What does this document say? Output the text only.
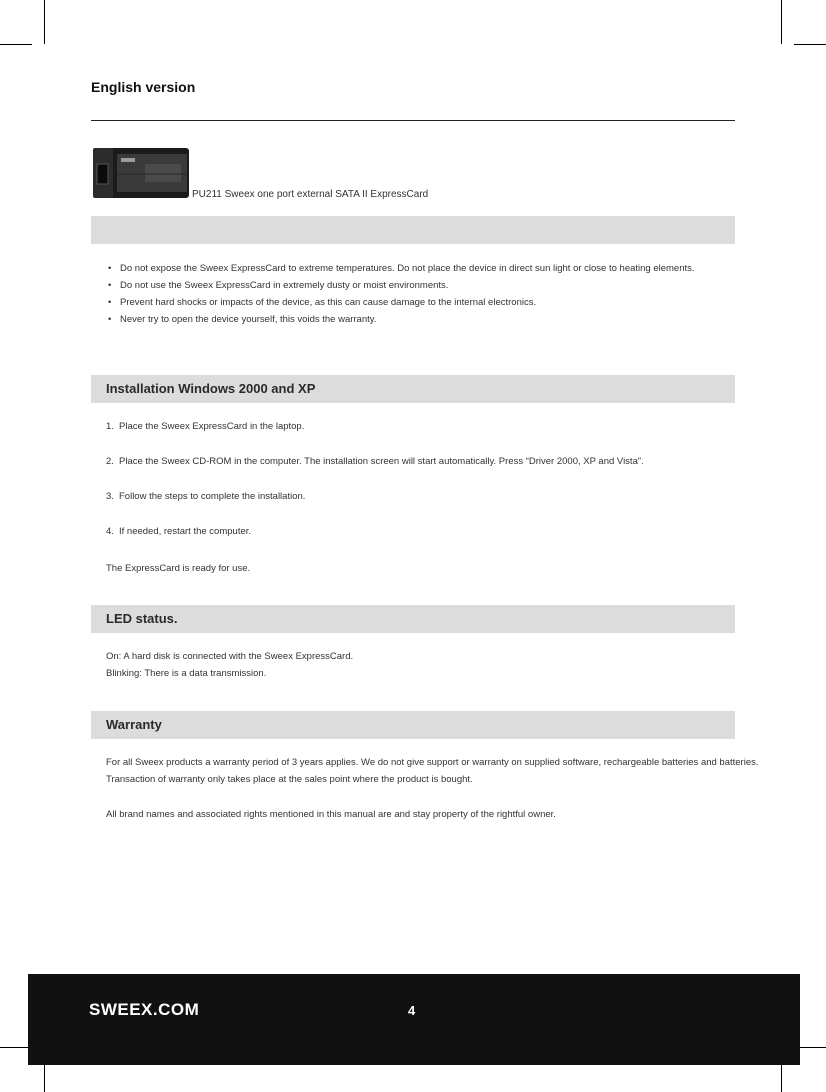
English version
PU211 Sweex one port external SATA II ExpressCard
• Do not expose the Sweex ExpressCard to extreme temperatures. Do not place the device in direct sun light or close to heating elements.
• Do not use the Sweex ExpressCard in extremely dusty or moist environments.
• Prevent hard shocks or impacts of the device, as this can cause damage to the internal electronics.
• Never try to open the device yourself, this voids the warranty.
Installation Windows 2000 and XP
1. Place the Sweex ExpressCard in the laptop.
2. Place the Sweex CD-ROM in the computer. The installation screen will start automatically. Press “Driver 2000, XP and Vista”.
3. Follow the steps to complete the installation.
4. If needed, restart the computer.
The ExpressCard is ready for use.
LED status.
On: A hard disk is connected with the Sweex ExpressCard.
Blinking: There is a data transmission.
Warranty
For all Sweex products a warranty period of 3 years applies. We do not give support or warranty on supplied software, rechargeable batteries and batteries.
Transaction of warranty only takes place at the sales point where the product is bought.
All brand names and associated rights mentioned in this manual are and stay property of the rightful owner.
SWEEX.COM	4
